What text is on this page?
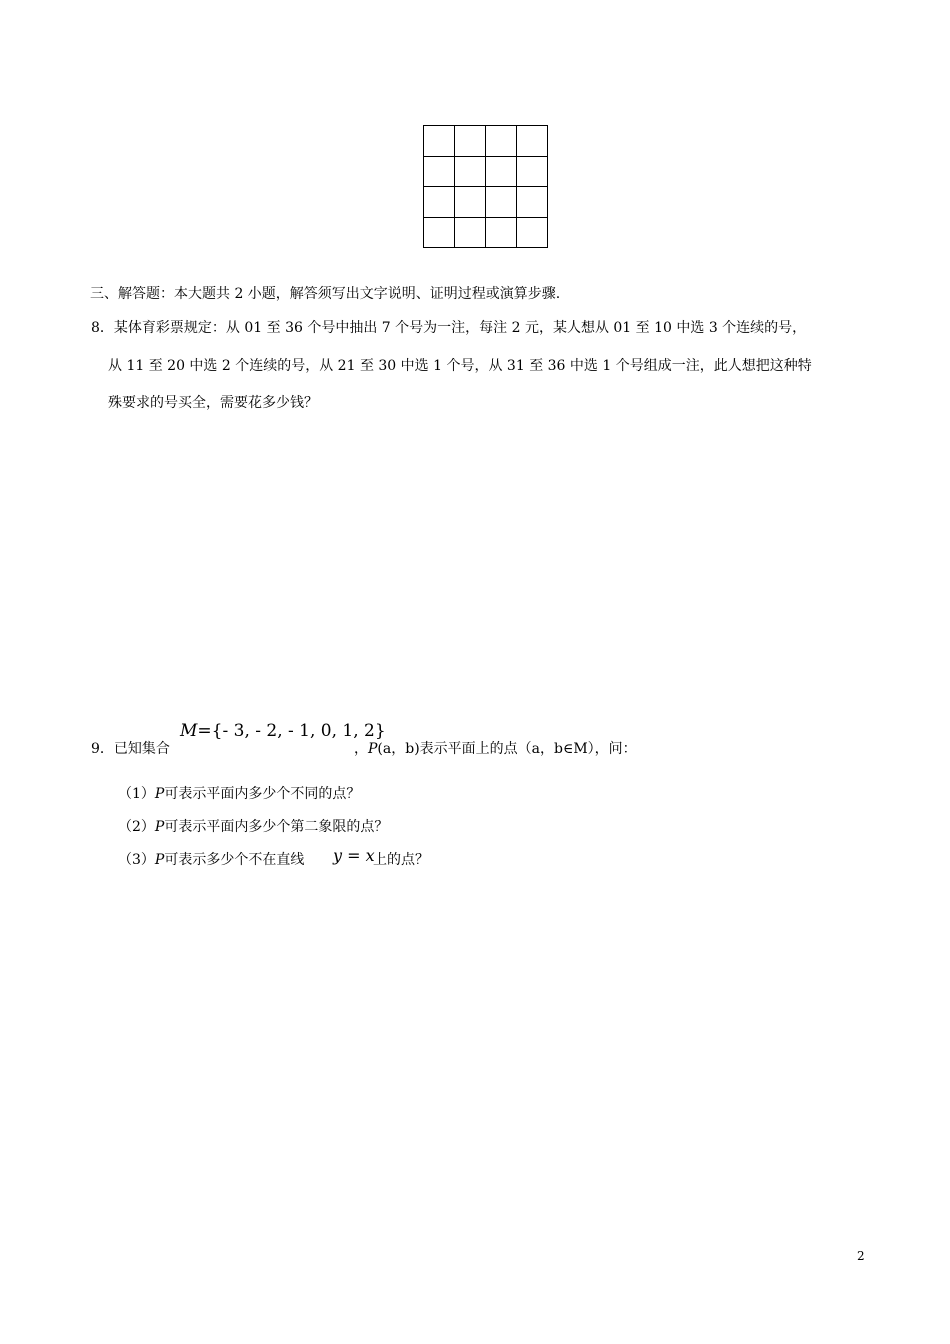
三、解答题：本大题共 2 小题，解答须写出文字说明、证明过程或演算步骤.
8．某体育彩票规定：从 01 至 36 个号中抽出 7 个号为一注，每注 2 元，某人想从 01 至 10 中选 3 个连续的号，
从 11 至 20 中选 2 个连续的号，从 21 至 30 中选 1 个号，从 31 至 36 中选 1 个号组成一注，此人想把这种特
殊要求的号买全，需要花多少钱？
9．已知集合
M={- 3, - 2, - 1, 0, 1, 2}
，P(a，b)表示平面上的点（a，b∈M），问：
（1）P可表示平面内多少个不同的点？
（2）P可表示平面内多少个第二象限的点？
（3）P可表示多少个不在直线 y = x
上的点？
2
